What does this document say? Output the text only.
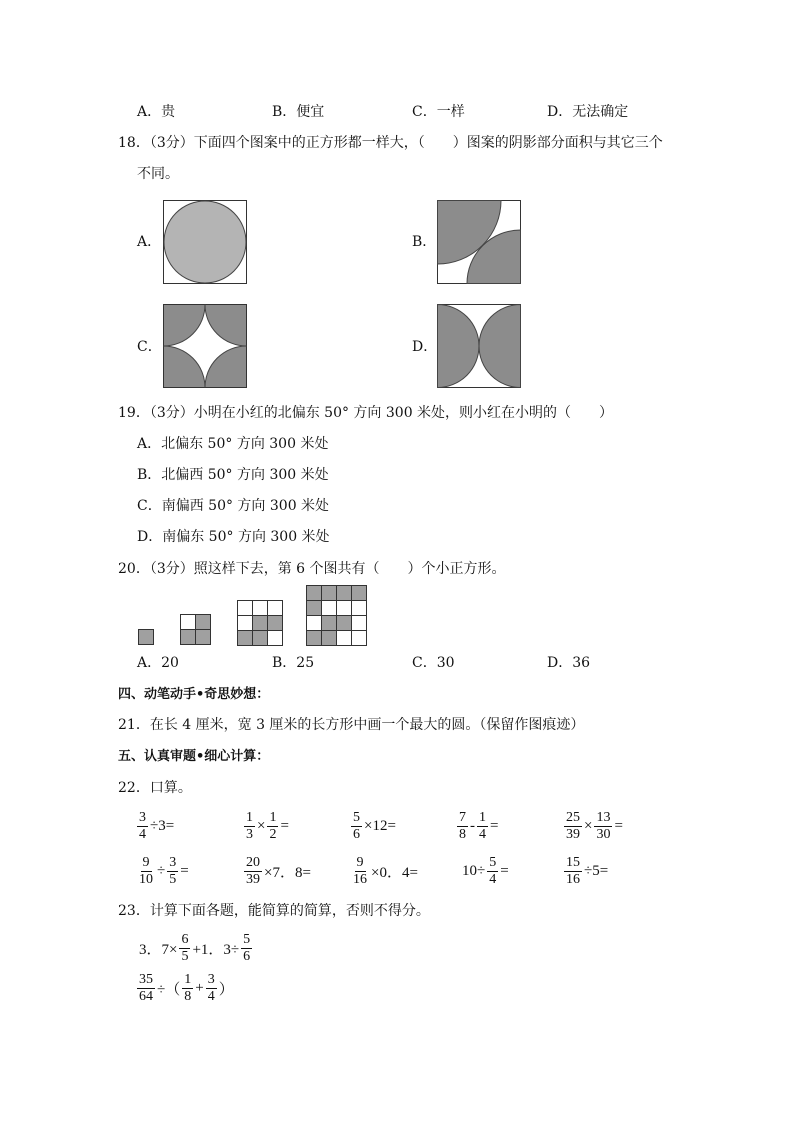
A．贵	B．便宜	C．一样	D．无法确定
18．（3分）下面四个图案中的正方形都一样大，（　　）图案的阴影部分面积与其它三个
不同。
A．	B．
C．	D．
19．（3分）小明在小红的北偏东 50° 方向 300 米处，则小红在小明的（　　）
A．北偏东 50° 方向 300 米处
B．北偏西 50° 方向 300 米处
C．南偏西 50° 方向 300 米处
D．南偏东 50° 方向 300 米处
20．（3分）照这样下去，第 6 个图共有（　　）个小正方形。
A．20	B．25	C．30	D．36
四、动笔动手•奇思妙想：
21．在长 4 厘米，宽 3 厘米的长方形中画一个最大的圆。（保留作图痕迹）
五、认真审题•细心计算：
22．口算。
$\frac{3}{4} \div 3=$	$\frac{1}{3} \times \frac{1}{2}$ =	$\frac{5}{6} \times 12=$	$\frac{7}{8} - \frac{1}{4}$ =	$\frac{25}{39} \times \frac{13}{30}$ =
$\frac{9}{10} \div \frac{3}{5}$ =	$\frac{20}{39} \times 7$．8=	$\frac{9}{16} \times 0$．4=	$10\div \frac{5}{4}$ =	$\frac{15}{16} \div 5=$
23．计算下面各题，能简算的简算，否则不得分。
3．$7\times \frac{6}{5} +1$．$3\div \frac{5}{6}$
$\frac{35}{64}$ ÷（ $\frac{1}{8} + \frac{3}{4}$ ）
